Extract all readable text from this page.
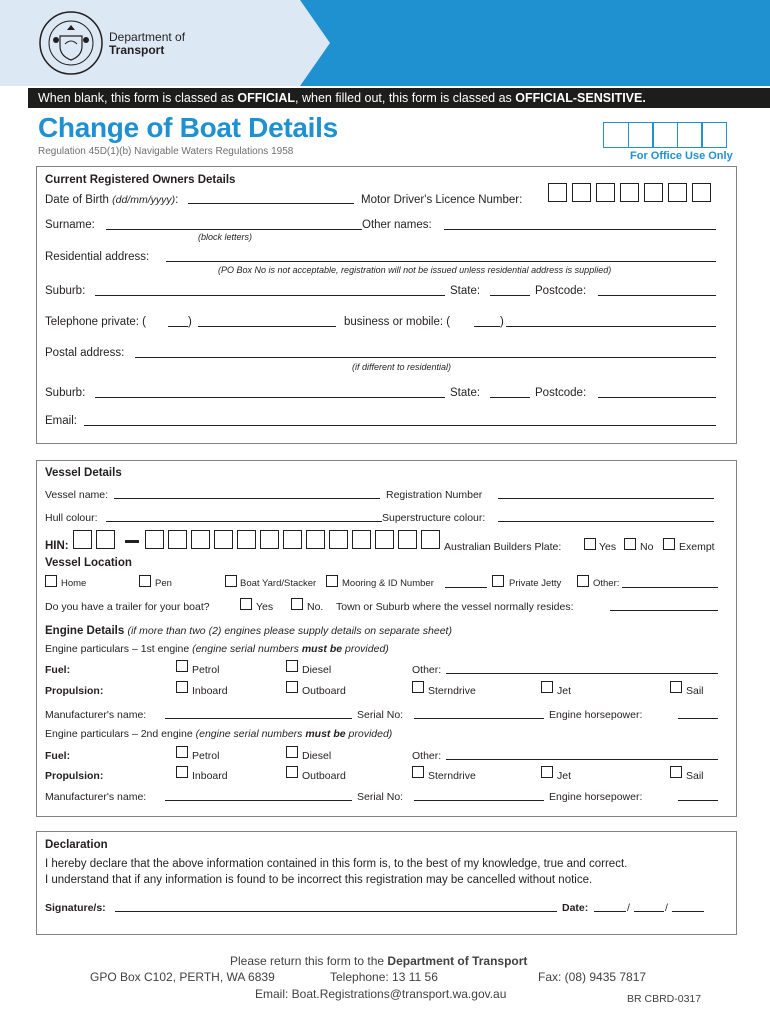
Department of
Transport
When blank, this form is classed as OFFICIAL, when filled out, this form is classed as OFFICIAL-SENSITIVE.
Change of Boat Details
Regulation 45D(1)(b) Navigable Waters Regulations 1958	For Office Use Only
Current Registered Owners Details
Date of Birth (dd/mm/yyyy):	Motor Driver's Licence Number:
Surname:	Other names:
(block letters)
Residential address:
(PO Box No is not acceptable, registration will not be issued unless residential address is supplied)
Suburb:	State:	Postcode:
Telephone private: (	)	business or mobile: (	)
Postal address:
(if different to residential)
Suburb:	State:	Postcode:
Email:
Vessel Details
Vessel name:	Registration Number
Hull colour:	Superstructure colour:
HIN:	Australian Builders Plate:	Yes No Exempt
Vessel Location
Home	Pen	Boat Yard/Stacker	Mooring & ID Number	Private Jetty	Other:
Do you have a trailer for your boat?	Yes	No. Town or Suburb where the vessel normally resides:
Engine Details (if more than two (2) engines please supply details on separate sheet)
Engine particulars – 1st engine (engine serial numbers must be provided)
Fuel:	Petrol	Diesel	Other:
Propulsion:	Inboard	Outboard	Sterndrive	Jet	Sail
Manufacturer's name:	Serial No:	Engine horsepower:
Engine particulars – 2nd engine (engine serial numbers must be provided)
Fuel:	Petrol	Diesel	Other:
Propulsion:	Inboard	Outboard	Sterndrive	Jet	Sail
Manufacturer's name:	Serial No:	Engine horsepower:
Declaration
I hereby declare that the above information contained in this form is, to the best of my knowledge, true and correct.
I understand that if any information is found to be incorrect this registration may be cancelled without notice.
Signature/s:	Date:	/	/
Please return this form to the Department of Transport
GPO Box C102, PERTH, WA 6839	Telephone: 13 11 56	Fax: (08) 9435 7817
Email: Boat.Registrations@transport.wa.gov.au	BR CBRD-0317
